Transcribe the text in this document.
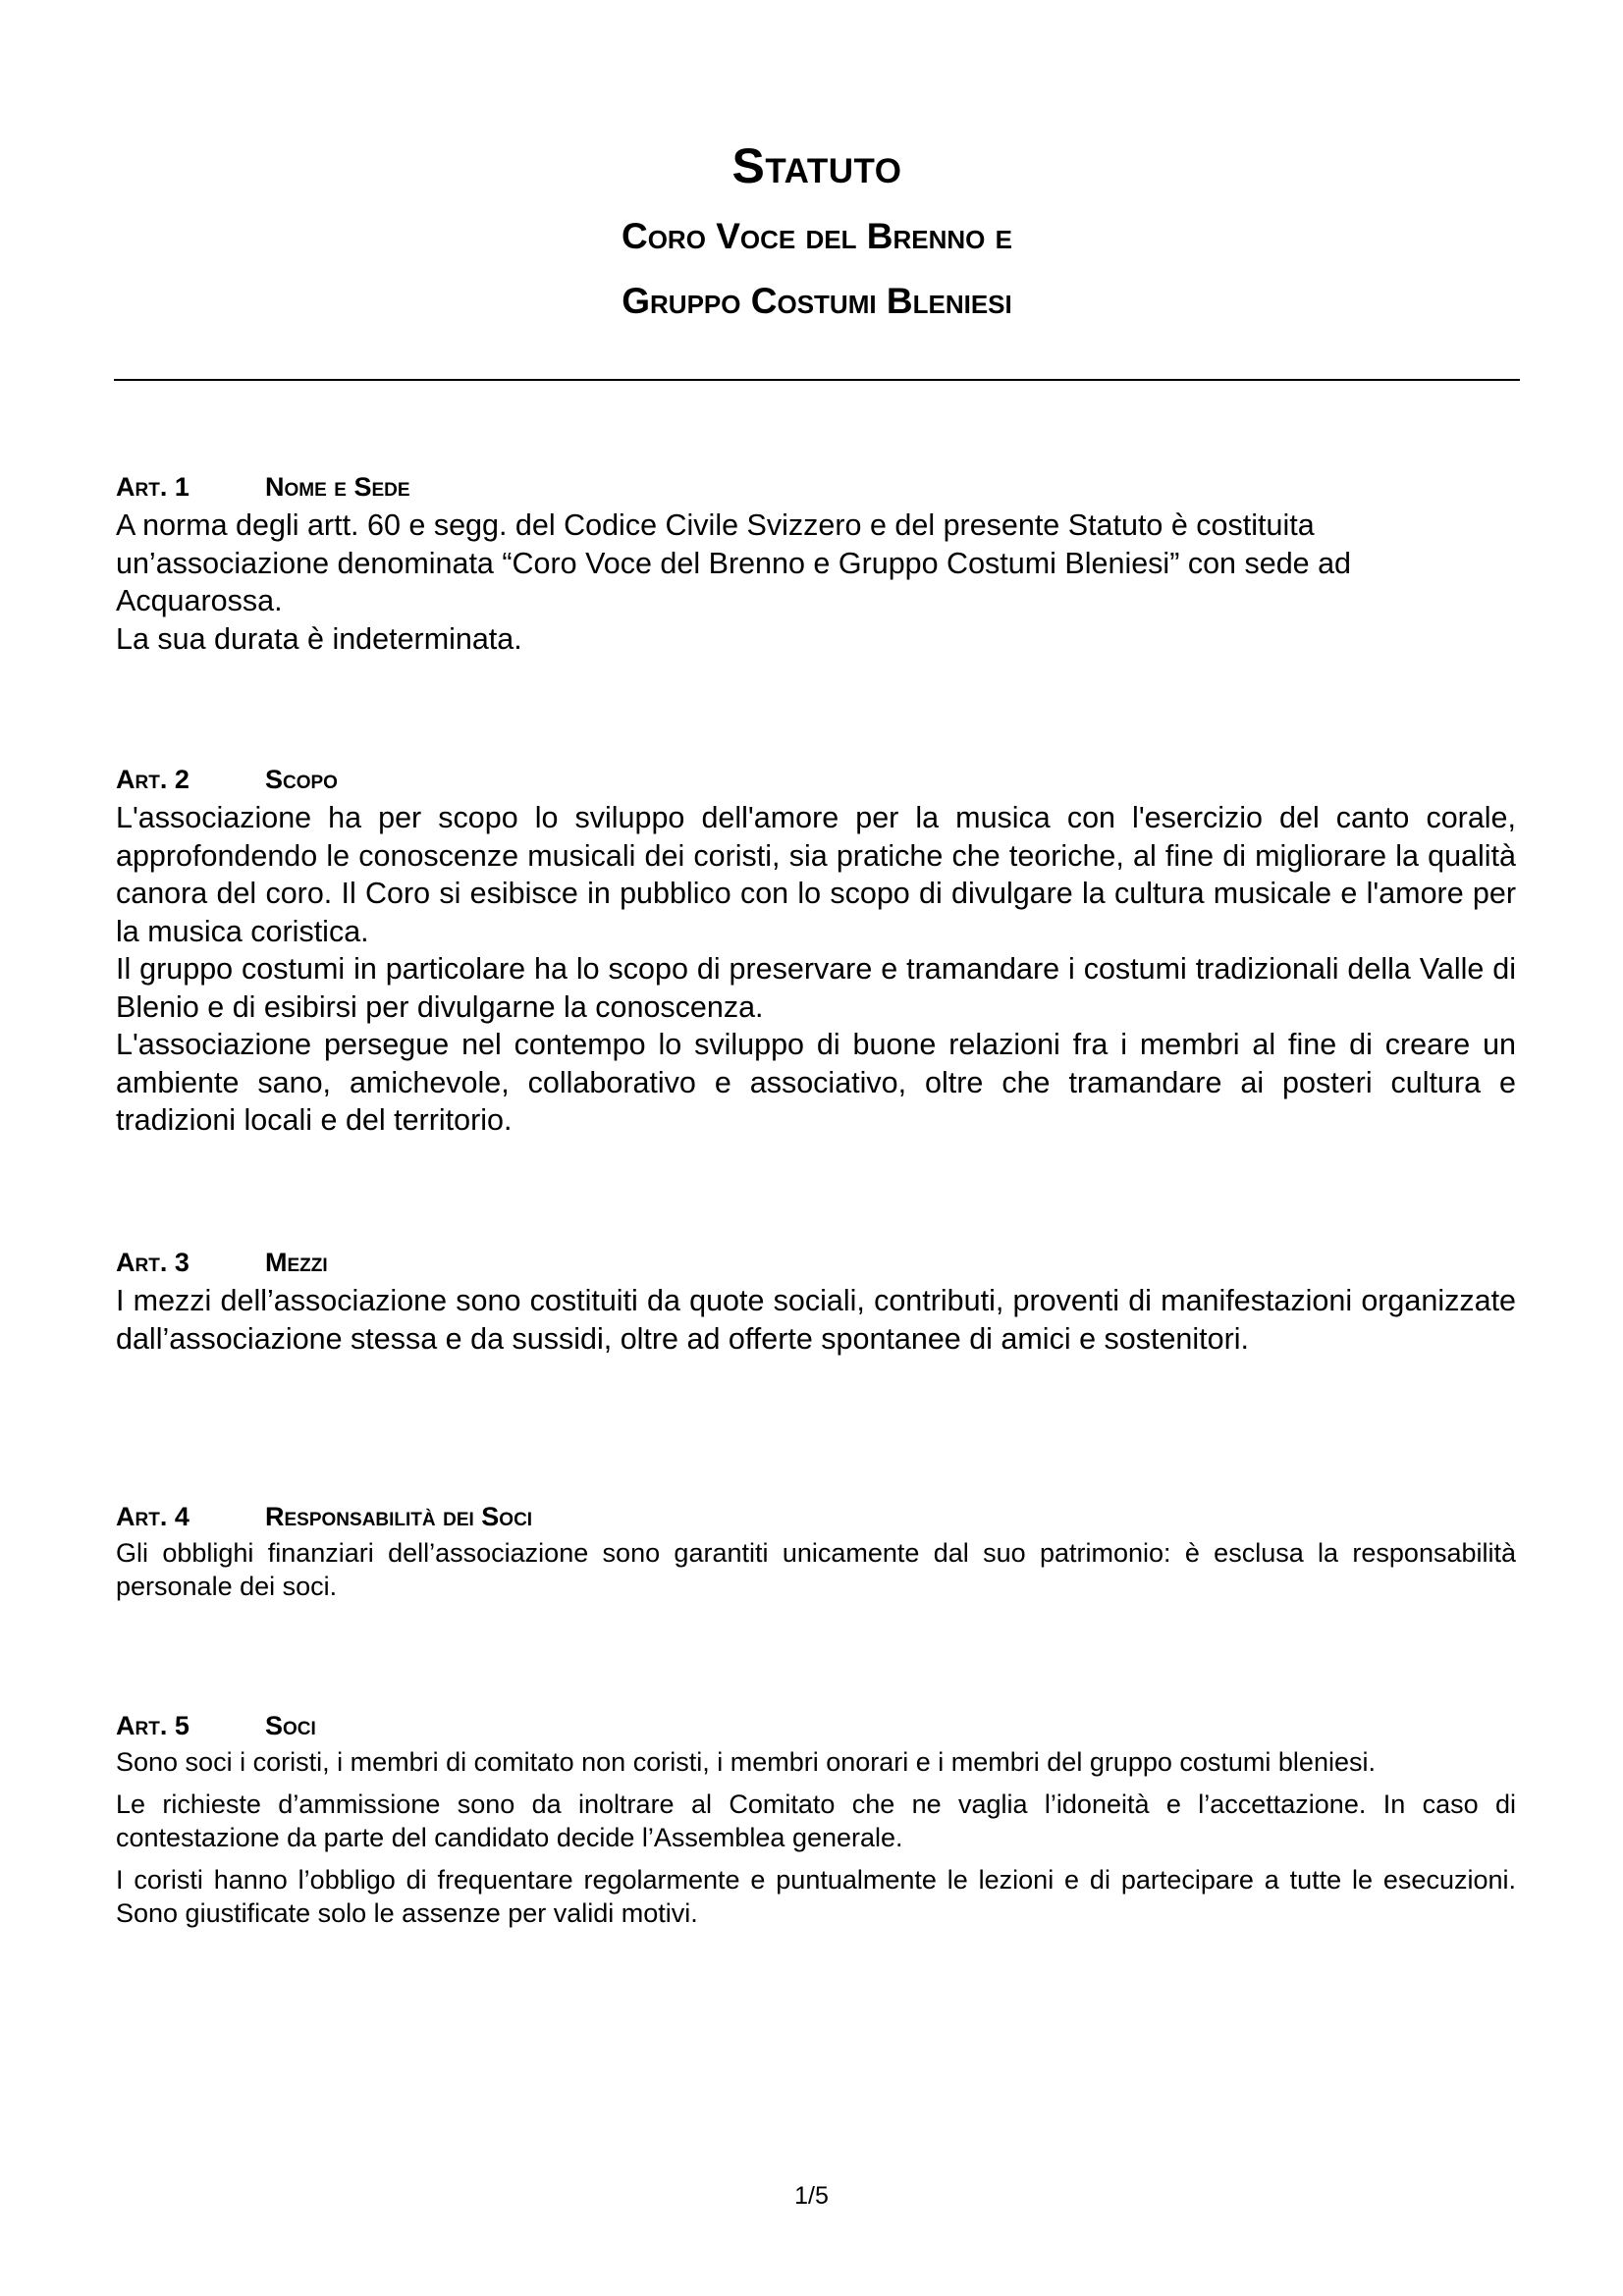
Statuto
Coro Voce del Brenno e
Gruppo Costumi Bleniesi
Art. 1	Nome e Sede

A norma degli artt. 60 e segg. del Codice Civile Svizzero e del presente Statuto è costituita un’associazione denominata “Coro Voce del Brenno e Gruppo Costumi Bleniesi” con sede ad Acquarossa.

La sua durata è indeterminata.

Art. 2	Scopo

L'associazione ha per scopo lo sviluppo dell'amore per la musica con l'esercizio del canto corale, approfondendo le conoscenze musicali dei coristi, sia pratiche che teoriche, al fine di migliorare la qualità canora del coro. Il Coro si esibisce in pubblico con lo scopo di divulgare la cultura musicale e l'amore per la musica coristica.

Il gruppo costumi in particolare ha lo scopo di preservare e tramandare i costumi tradizionali della Valle di Blenio e di esibirsi per divulgarne la conoscenza.

L'associazione persegue nel contempo lo sviluppo di buone relazioni fra i membri al fine di creare un ambiente sano, amichevole, collaborativo e associativo, oltre che tramandare ai posteri cultura e tradizioni locali e del territorio.

Art. 3	Mezzi

I mezzi dell’associazione sono costituiti da quote sociali, contributi, proventi di manifestazioni organizzate dall’associazione stessa e da sussidi, oltre ad offerte spontanee di amici e sostenitori.

Art. 4	Responsabilità dei Soci

Gli obblighi finanziari dell’associazione sono garantiti unicamente dal suo patrimonio: è esclusa la responsabilità personale dei soci.

Art. 5	Soci

Sono soci i coristi, i membri di comitato non coristi, i membri onorari e i membri del gruppo costumi bleniesi.

Le richieste d’ammissione sono da inoltrare al Comitato che ne vaglia l’idoneità e l’accettazione. In caso di contestazione da parte del candidato decide l’Assemblea generale.

I coristi hanno l’obbligo di frequentare regolarmente e puntualmente le lezioni e di partecipare a tutte le esecuzioni. Sono giustificate solo le assenze per validi motivi.

1/5
